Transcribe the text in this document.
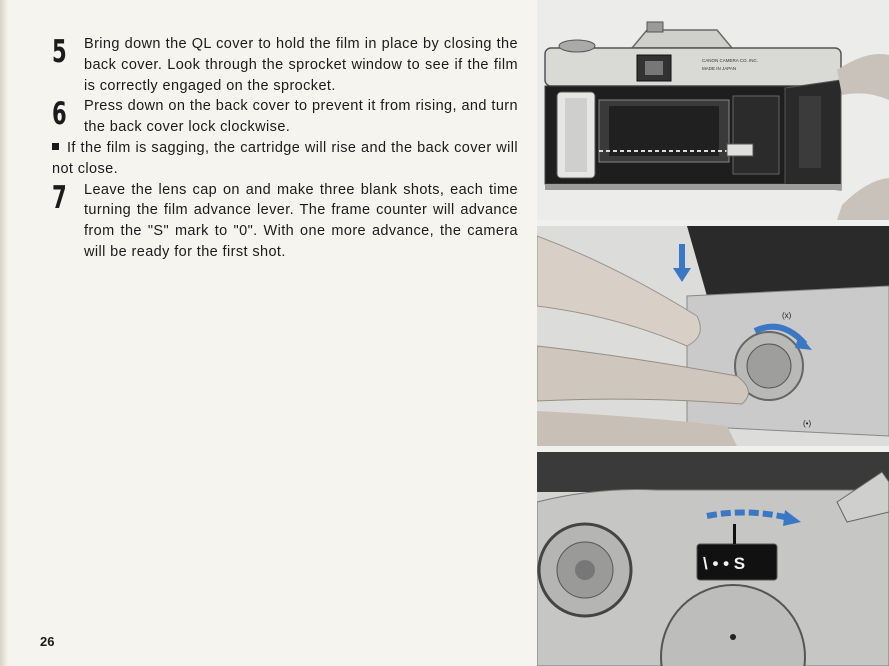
5 Bring down the QL cover to hold the film in place by closing the back cover. Look through the sprocket window to see if the film is correctly engaged on the sprocket.

6 Press down on the back cover to prevent it from rising, and turn the back cover lock clockwise.

If the film is sagging, the cartridge will rise and the back cover will not close.

7 Leave the lens cap on and make three blank shots, each time turning the film advance lever. The frame counter will advance from the "S" mark to "0". With one more advance, the camera will be ready for the first shot.

26
CANON CAMERA CO. INC.
MADE IN JAPAN
(x)
(•)
\ • • S
